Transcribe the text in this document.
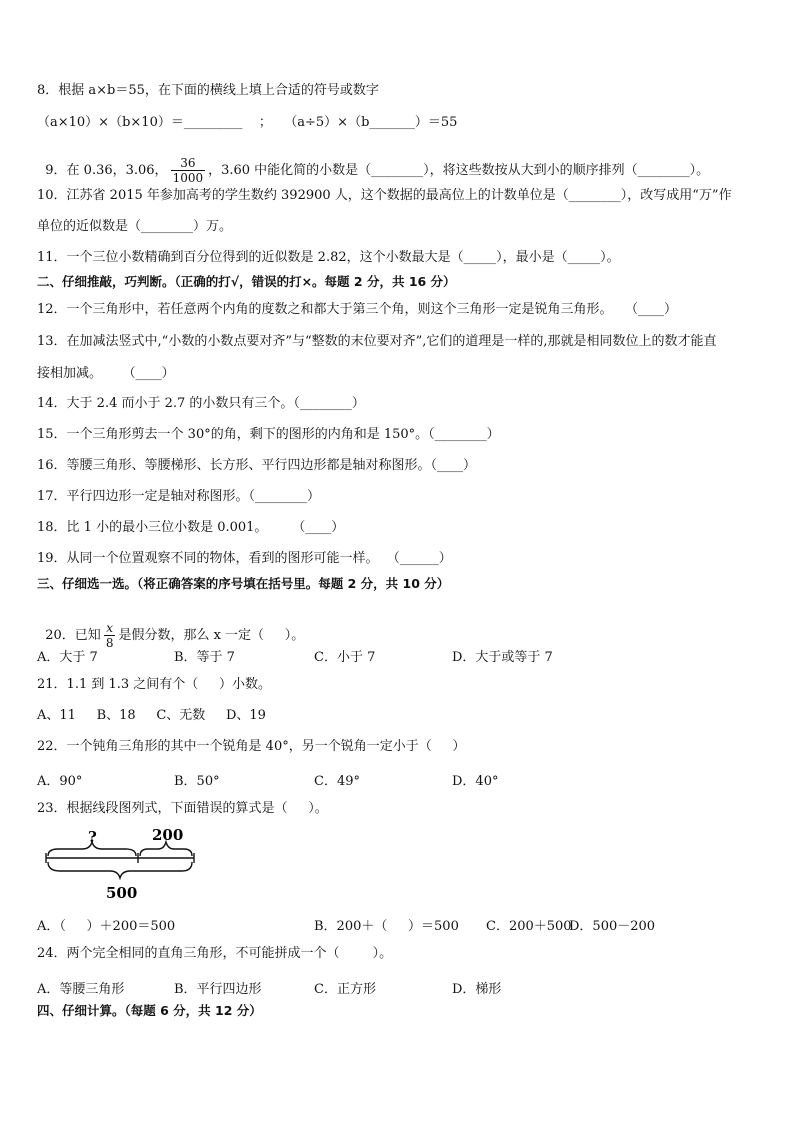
8．根据 a×b＝55，在下面的横线上填上合适的符号或数字
（a×10）×（b×10）＝_________    ；   （a÷5）×（b_______）＝55

9．在 0.36，3.06， $\frac{36}{1000}$ ，3.60 中能化简的小数是（________），将这些数按从大到小的顺序排列（________）。

10．江苏省 2015 年参加高考的学生数约 392900 人，这个数据的最高位上的计数单位是（________），改写成用“万”作
单位的近似数是（________）万。
11．一个三位小数精确到百分位得到的近似数是 2.82，这个小数最大是（_____），最小是（_____）。
二、仔细推敲，巧判断。（正确的打√，错误的打×。每题 2 分，共 16 分）
12．一个三角形中，若任意两个内角的度数之和都大于第三个角，则这个三角形一定是锐角三角形。   （____）
13．在加减法竖式中,“小数的小数点要对齐”与“整数的末位要对齐”,它们的道理是一样的,那就是相同数位上的数才能直
接相加减。     （____）
14．大于 2.4 而小于 2.7 的小数只有三个。（________）
15．一个三角形剪去一个 30°的角，剩下的图形的内角和是 150°。（________）
16．等腰三角形、等腰梯形、长方形、平行四边形都是轴对称图形。（____）
17．平行四边形一定是轴对称图形。（________）
18．比 1 小的最小三位小数是 0.001。      （____）
19．从同一个位置观察不同的物体，看到的图形可能一样。  （______）
三、仔细选一选。（将正确答案的序号填在括号里。每题 2 分，共 10 分）

20．已知 $\frac{x}{8}$ 是假分数，那么 x 一定（     ）。

A．大于 7	B．等于 7	C．小于 7	D．大于或等于 7
21．1.1 到 1.3 之间有个（     ）小数。
A、11     B、18     C、无数     D、19
22．一个钝角三角形的其中一个锐角是 40°，另一个锐角一定小于（     ）
A．90°	B．50°	C．49°	D．40°
23．根据线段图列式，下面错误的算式是（     ）。
?	200
500
A．（     ）＋200＝500	B．200＋（     ）＝500 C．200＋500
D．500－200
24．两个完全相同的直角三角形，不可能拼成一个（        ）。
A．等腰三角形	B．平行四边形	C．正方形	D．梯形
四、仔细计算。（每题 6 分，共 12 分）
